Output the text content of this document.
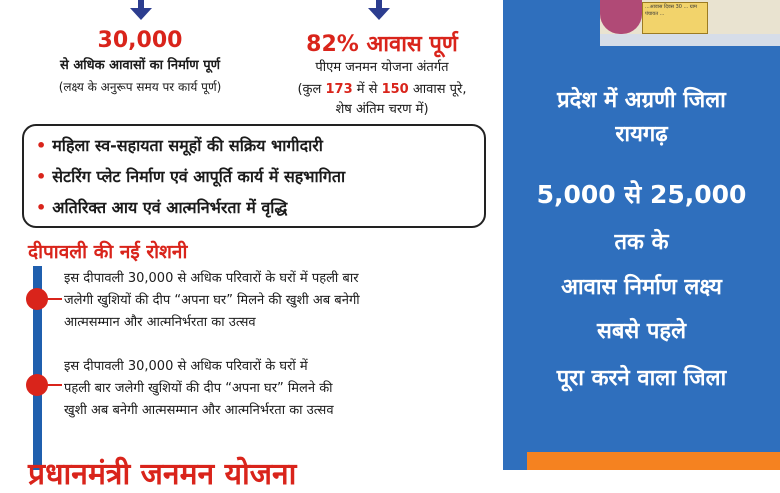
30,000
से अधिक आवासों का निर्माण पूर्ण
(लक्ष्य के अनुरूप समय पर कार्य पूर्ण)
82% आवास पूर्ण
पीएम जनमन योजना अंतर्गत
(कुल 173 में से 150 आवास पूरे,
शेष अंतिम चरण में)
• महिला स्व-सहायता समूहों की सक्रिय भागीदारी
• सेटरिंग प्लेट निर्माण एवं आपूर्ति कार्य में सहभागिता
• अतिरिक्त आय एवं आत्मनिर्भरता में वृद्धि
दीपावली की नई रोशनी
इस दीपावली 30,000 से अधिक परिवारों के घरों में पहली बार
जलेगी खुशियों की दीप “अपना घर” मिलने की खुशी अब बनेगी
आत्मसम्मान और आत्मनिर्भरता का उत्सव
इस दीपावली 30,000 से अधिक परिवारों के घरों में
पहली बार जलेगी खुशियों की दीप “अपना घर” मिलने की
खुशी अब बनेगी आत्मसम्मान और आत्मनिर्भरता का उत्सव
प्रधानमंत्री जनमन योजना
...आवास दिवस 30 ... ग्राम पंचायत ...
प्रदेश में अग्रणी जिला
रायगढ़
5,000 से 25,000
तक के
आवास निर्माण लक्ष्य
सबसे पहले
पूरा करने वाला जिला
